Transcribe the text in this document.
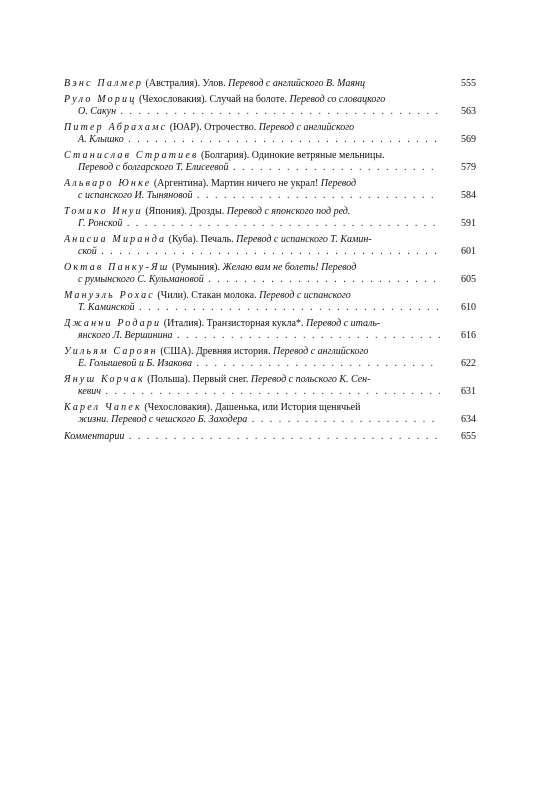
Вэнс Палмер (Австралия). Улов. Перевод с английского В. Маянц	555
Руло Мориц (Чехословакия). Случай на болоте. Перевод со словацкого
О. Сакун . . .	563
Питер Абрахамс (ЮАР). Отрочество. Перевод с английского
А. Клышко . . .	569
Станислав Стратиев (Болгария). Одинокие ветряные мельницы.
Перевод с болгарского Т. Елисеевой . . .	579
Альваро Юнке (Аргентина). Мартин ничего не украл! Перевод
с испанского И. Тыняновой . . .	584
Томико Инуи (Япония). Дрозды. Перевод с японского под ред.
Г. Ронской . . .	591
Анисиа Миранда (Куба). Печаль. Перевод с испанского Т. Камин-
ской . . .	601
Октав Панку-Яш (Румыния). Желаю вам не болеть! Перевод
с румынского С. Кульмановой . . .	605
Мануэль Рохас (Чили). Стакан молока. Перевод с испанского
Т. Каминской . . .	610
Джанни Родари (Италия). Транзисторная кукла*. Перевод с италь-
янского Л. Вершинина . . .	616
Уильям Сароян (США). Древняя история. Перевод с английского
Е. Голышевой и Б. Изакова . . .	622
Януш Корчак (Польша). Первый снег. Перевод с польского К. Сен-
кевич . . .	631
Карел Чапек (Чехословакия). Дашенька, или История щенячьей
жизни. Перевод с чешского Б. Заходера . . .	634
Комментарии . . .	655
